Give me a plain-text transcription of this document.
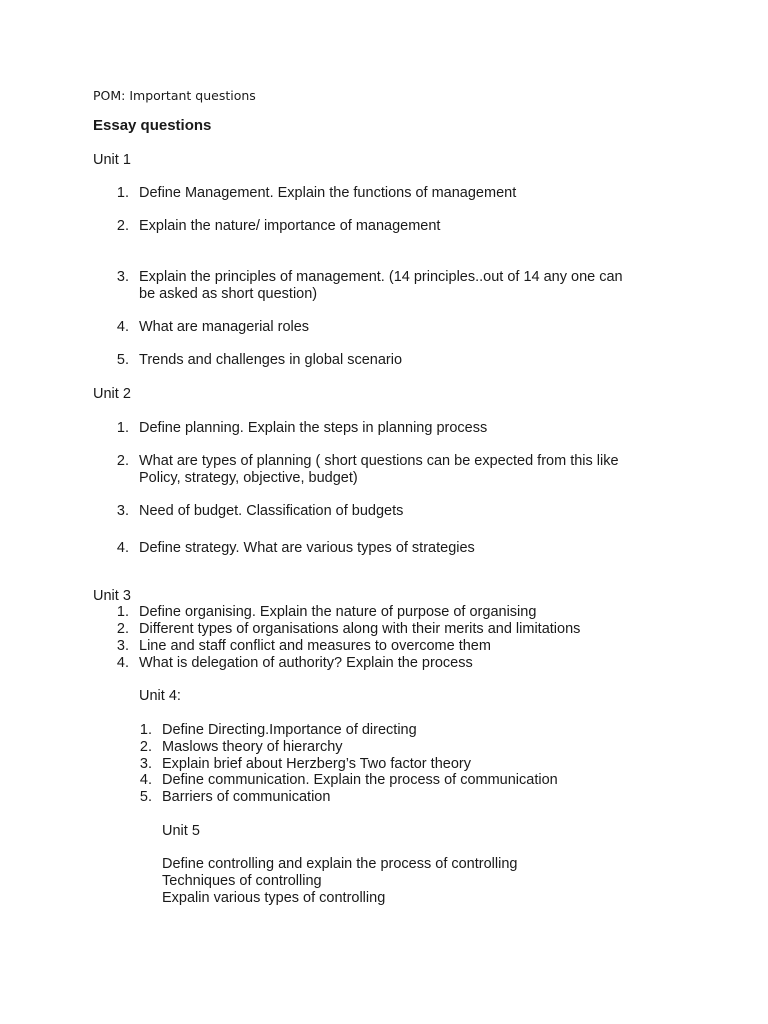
POM: Important questions
Essay questions
Unit 1
1. Define Management. Explain the functions of management
2. Explain the nature/ importance of management
3. Explain the principles of management. (14 principles..out of 14 any one can
be asked as short question)
4. What are managerial roles
5. Trends and challenges in global scenario
Unit 2
1. Define planning. Explain the steps in planning process
2. What are types of planning ( short questions can be expected from this like
Policy, strategy, objective, budget)
3. Need of budget. Classification of budgets
4. Define strategy. What are various types of strategies
Unit 3
1. Define organising. Explain the nature of purpose of organising
2. Different types of organisations along with their merits and limitations
3. Line and staff conflict and measures to overcome them
4. What is delegation of authority? Explain the process
Unit 4:
1. Define Directing.Importance of directing
2. Maslows theory of hierarchy
3. Explain brief about Herzberg’s Two factor theory
4. Define communication. Explain the process of communication
5. Barriers of communication
Unit 5
Define controlling and explain the process of controlling
Techniques of controlling
Expalin various types of controlling
